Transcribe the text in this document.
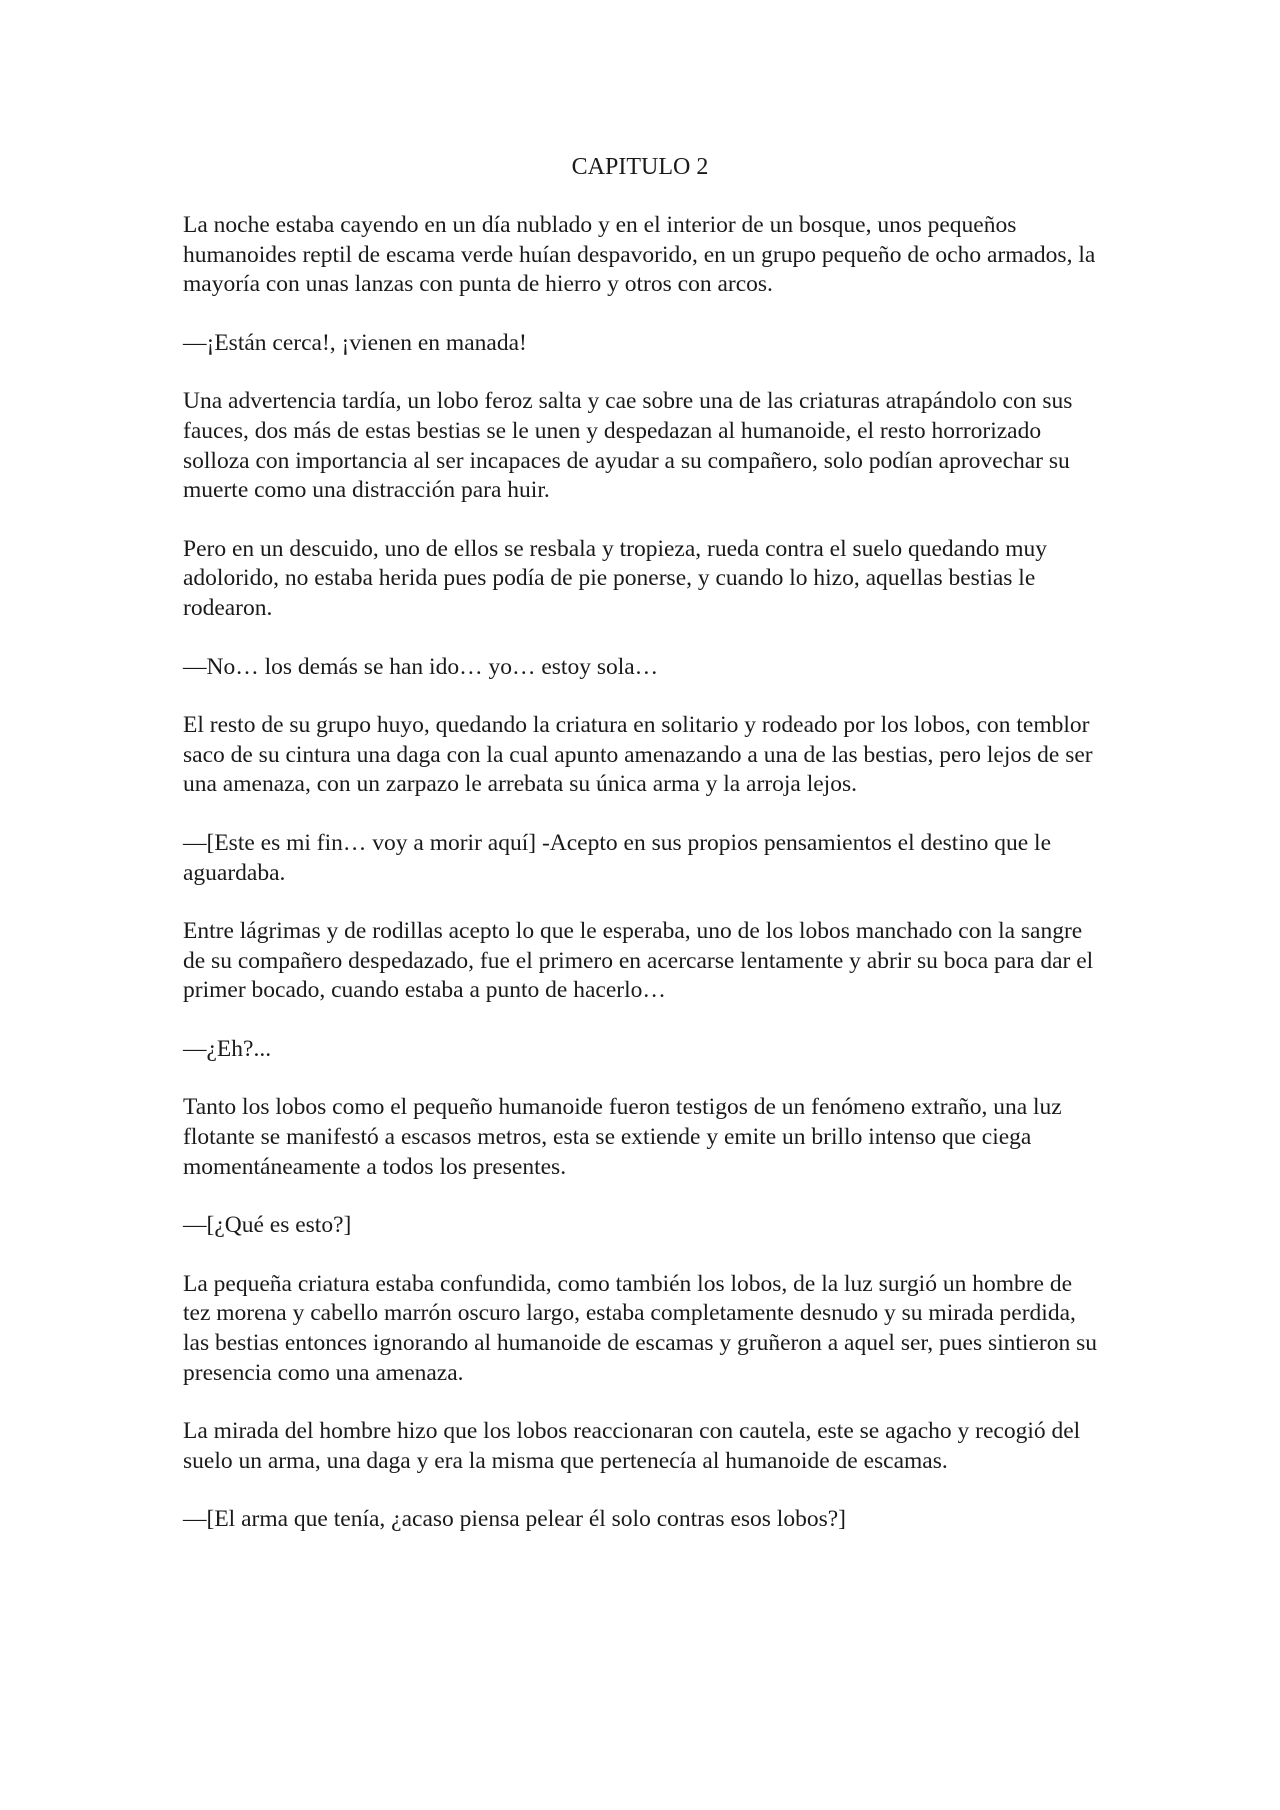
CAPITULO 2

La noche estaba cayendo en un día nublado y en el interior de un bosque, unos pequeños humanoides reptil de escama verde huían despavorido, en un grupo pequeño de ocho armados, la mayoría con unas lanzas con punta de hierro y otros con arcos.

—¡Están cerca!, ¡vienen en manada!

Una advertencia tardía, un lobo feroz salta y cae sobre una de las criaturas atrapándolo con sus fauces, dos más de estas bestias se le unen y despedazan al humanoide, el resto horrorizado solloza con importancia al ser incapaces de ayudar a su compañero, solo podían aprovechar su muerte como una distracción para huir.

Pero en un descuido, uno de ellos se resbala y tropieza, rueda contra el suelo quedando muy adolorido, no estaba herida pues podía de pie ponerse, y cuando lo hizo, aquellas bestias le rodearon.

—No… los demás se han ido… yo… estoy sola…

El resto de su grupo huyo, quedando la criatura en solitario y rodeado por los lobos, con temblor saco de su cintura una daga con la cual apunto amenazando a una de las bestias, pero lejos de ser una amenaza, con un zarpazo le arrebata su única arma y la arroja lejos.

—[Este es mi fin… voy a morir aquí] -Acepto en sus propios pensamientos el destino que le aguardaba.

Entre lágrimas y de rodillas acepto lo que le esperaba, uno de los lobos manchado con la sangre de su compañero despedazado, fue el primero en acercarse lentamente y abrir su boca para dar el primer bocado, cuando estaba a punto de hacerlo…

—¿Eh?...

Tanto los lobos como el pequeño humanoide fueron testigos de un fenómeno extraño, una luz flotante se manifestó a escasos metros, esta se extiende y emite un brillo intenso que ciega momentáneamente a todos los presentes.

—[¿Qué es esto?]

La pequeña criatura estaba confundida, como también los lobos, de la luz surgió un hombre de tez morena y cabello marrón oscuro largo, estaba completamente desnudo y su mirada perdida, las bestias entonces ignorando al humanoide de escamas y gruñeron a aquel ser, pues sintieron su presencia como una amenaza.

La mirada del hombre hizo que los lobos reaccionaran con cautela, este se agacho y recogió del suelo un arma, una daga y era la misma que pertenecía al humanoide de escamas.

—[El arma que tenía, ¿acaso piensa pelear él solo contras esos lobos?]
